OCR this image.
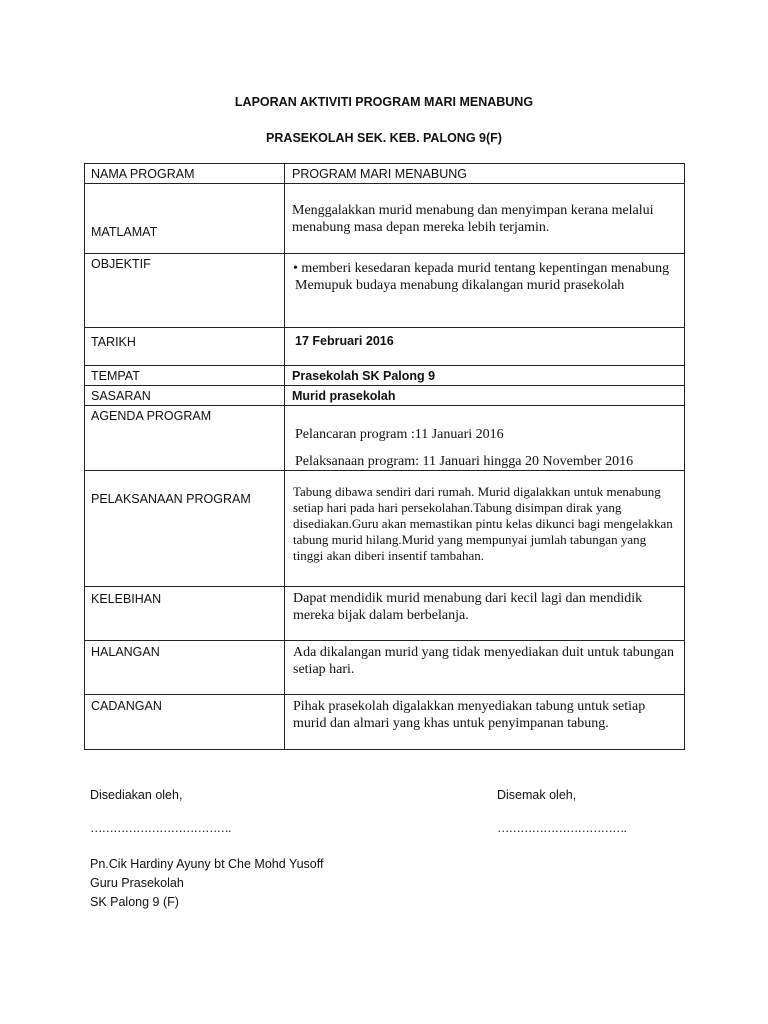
LAPORAN AKTIVITI PROGRAM MARI MENABUNG
PRASEKOLAH SEK. KEB. PALONG 9(F)
NAMA PROGRAM	PROGRAM MARI MENABUNG

MATLAMAT	Menggalakkan murid menabung dan menyimpan kerana melalui menabung masa depan mereka lebih terjamin.

OBJEKTIF	• memberi kesedaran kepada murid tentang kepentingan menabung
Memupuk budaya menabung dikalangan murid prasekolah

TARIKH	17 Februari 2016

TEMPAT	Prasekolah SK Palong 9

SASARAN	Murid prasekolah

AGENDA PROGRAM	Pelancaran program :11 Januari 2016
Pelaksanaan program: 11 Januari hingga 20 November 2016

PELAKSANAAN PROGRAM	Tabung dibawa sendiri dari rumah. Murid digalakkan untuk menabung setiap hari pada hari persekolahan.Tabung disimpan dirak yang disediakan.Guru akan memastikan pintu kelas dikunci bagi mengelakkan tabung murid hilang.Murid yang mempunyai jumlah tabungan yang tinggi akan diberi insentif tambahan.

KELEBIHAN	Dapat mendidik murid menabung dari kecil lagi dan mendidik mereka bijak dalam berbelanja.

HALANGAN	Ada dikalangan murid yang tidak menyediakan duit untuk tabungan setiap hari.

CADANGAN	Pihak prasekolah digalakkan menyediakan tabung untuk setiap murid dan almari yang khas untuk penyimpanan tabung.
Disediakan oleh,	Disemak oleh,
……………………………….	…………………………….
Pn.Cik Hardiny Ayuny bt Che Mohd Yusoff
Guru Prasekolah
SK Palong 9 (F)
